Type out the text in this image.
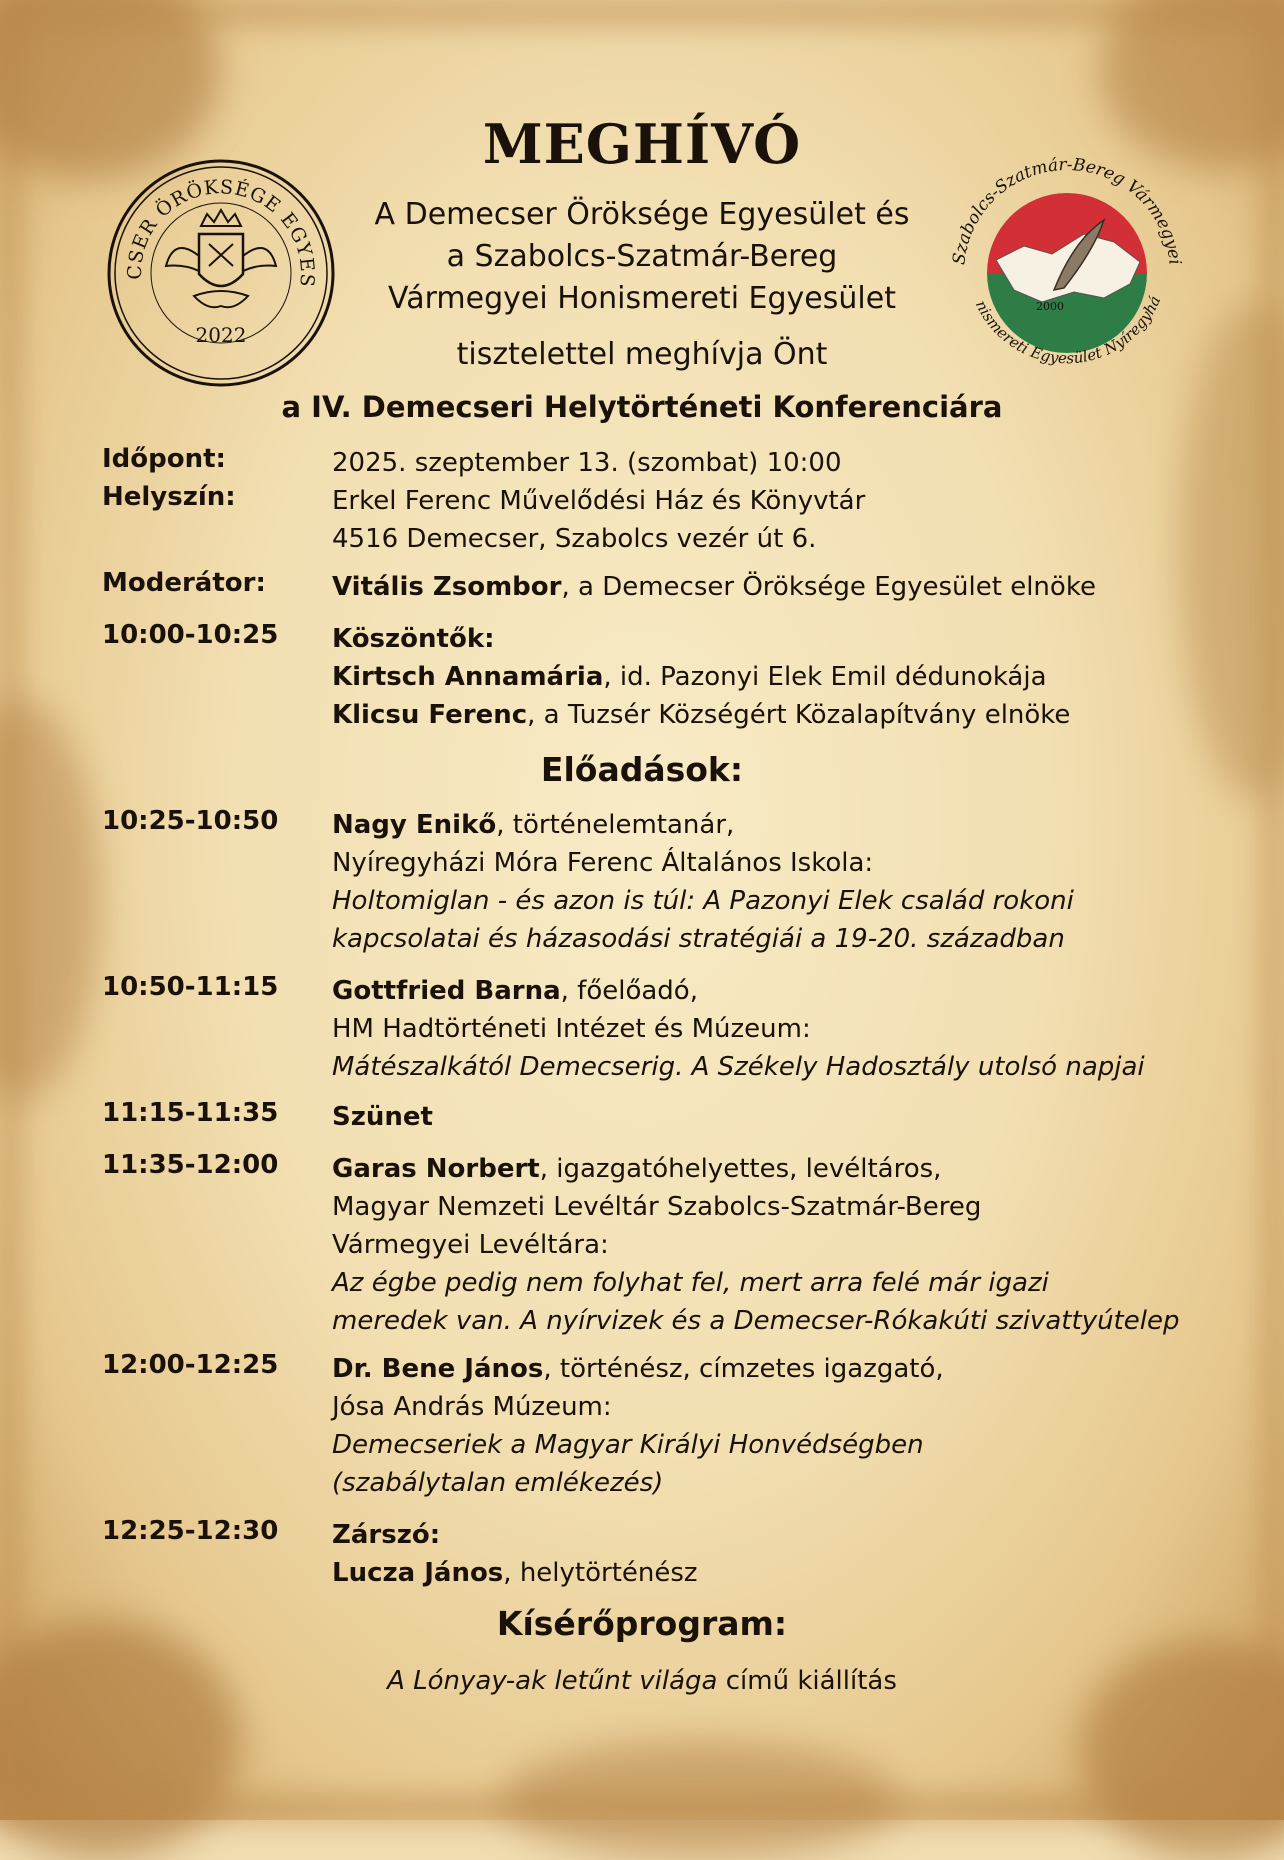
CSER ÖRÖKSÉGE EGYES
2022
2000
Szabolcs-Szatmár-Bereg Vármegyei
nismereti Egyesület Nyíregyhá
MEGHÍVÓ
A Demecser Öröksége Egyesület és
a Szabolcs-Szatmár-Bereg
Vármegyei Honismereti Egyesület
tisztelettel meghívja Önt
a IV. Demecseri Helytörténeti Konferenciára
Időpont:	2025. szeptember 13. (szombat) 10:00
Helyszín:	Erkel Ferenc Művelődési Ház és Könyvtár
4516 Demecser, Szabolcs vezér út 6.
Moderátor:	Vitális Zsombor, a Demecser Öröksége Egyesület elnöke
10:00-10:25 Köszöntők:
Kirtsch Annamária, id. Pazonyi Elek Emil dédunokája
Klicsu Ferenc, a Tuzsér Községért Közalapítvány elnöke
Előadások:
10:25-10:50 Nagy Enikő, történelemtanár,
Nyíregyházi Móra Ferenc Általános Iskola:
Holtomiglan - és azon is túl: A Pazonyi Elek család rokoni
kapcsolatai és házasodási stratégiái a 19-20. században
10:50-11:15 Gottfried Barna, főelőadó,
HM Hadtörténeti Intézet és Múzeum:
Mátészalkától Demecserig. A Székely Hadosztály utolsó napjai
11:15-11:35 Szünet
11:35-12:00 Garas Norbert, igazgatóhelyettes, levéltáros,
Magyar Nemzeti Levéltár Szabolcs-Szatmár-Bereg
Vármegyei Levéltára:
Az égbe pedig nem folyhat fel, mert arra felé már igazi
meredek van. A nyírvizek és a Demecser-Rókakúti szivattyútelep
12:00-12:25 Dr. Bene János, történész, címzetes igazgató,
Jósa András Múzeum:
Demecseriek a Magyar Királyi Honvédségben
(szabálytalan emlékezés)
12:25-12:30 Zárszó:
Lucza János, helytörténész
Kísérőprogram:
A Lónyay-ak letűnt világa című kiállítás
